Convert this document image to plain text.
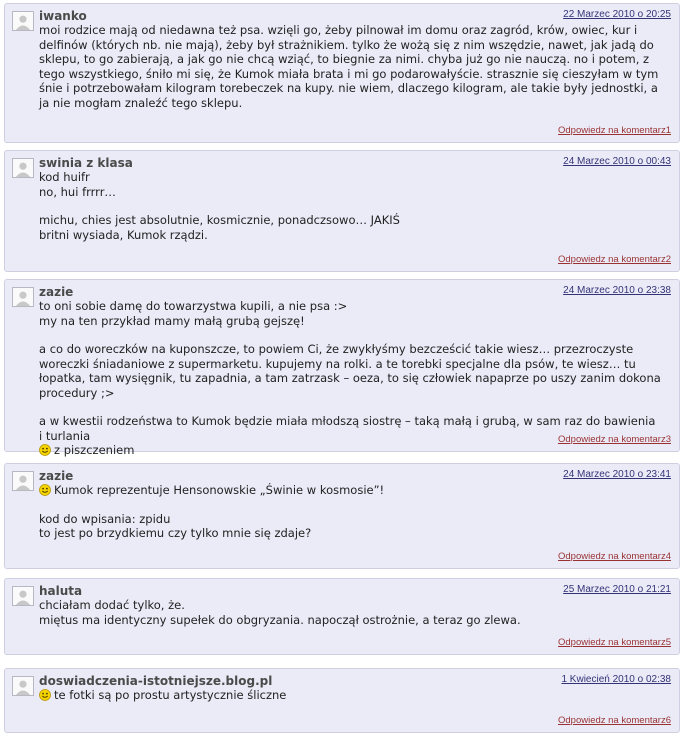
iwanko	22 Marzec 2010 o 20:25

moi rodzice mają od niedawna też psa. wzięli go, żeby pilnował im domu oraz zagród, krów, owiec, kur i delfinów (których nb. nie mają), żeby był strażnikiem. tylko że wożą się z nim wszędzie, nawet, jak jadą do sklepu, to go zabierają, a jak go nie chcą wziąć, to biegnie za nimi. chyba już go nie nauczą. no i potem, z tego wszystkiego, śniło mi się, że Kumok miała brata i mi go podarowałyście. strasznie się cieszyłam w tym śnie i potrzebowałam kilogram torebeczek na kupy. nie wiem, dlaczego kilogram, ale takie były jednostki, a ja nie mogłam znaleźć tego sklepu.

Odpowiedz na komentarz1
swinia z klasa	24 Marzec 2010 o 00:43

kod huifr

no, hui frrrr…

michu, chies jest absolutnie, kosmicznie, ponadczsowo… JAKIŚ

britni wysiada, Kumok rządzi.

Odpowiedz na komentarz2
zazie	24 Marzec 2010 o 23:38

to oni sobie damę do towarzystwa kupili, a nie psa :>

my na ten przykład mamy małą grubą gejszę!

a co do woreczków na kuponszcze, to powiem Ci, że zwykłyśmy bezcześcić takie wiesz… przezroczyste woreczki śniadaniowe z supermarketu. kupujemy na rolki. a te torebki specjalne dla psów, te wiesz… tu łopatka, tam wysięgnik, tu zapadnia, a tam zatrzask – oeza, to się człowiek napaprze po uszy zanim dokona procedury ;>

a w kwestii rodzeństwa to Kumok będzie miała młodszą siostrę – taką małą i grubą, w sam raz do bawienia i turlania
z piszczeniem

Odpowiedz na komentarz3
zazie	24 Marzec 2010 o 23:41

Kumok reprezentuje Hensonowskie „Świnie w kosmosie”!

kod do wpisania: zpidu

to jest po brzydkiemu czy tylko mnie się zdaje?

Odpowiedz na komentarz4
haluta	25 Marzec 2010 o 21:21

chciałam dodać tylko, że.

miętus ma identyczny supełek do obgryzania. napoczął ostrożnie, a teraz go zlewa.

Odpowiedz na komentarz5
doswiadczenia-istotniejsze.blog.pl	1 Kwiecień 2010 o 02:38

te fotki są po prostu artystycznie śliczne

Odpowiedz na komentarz6
